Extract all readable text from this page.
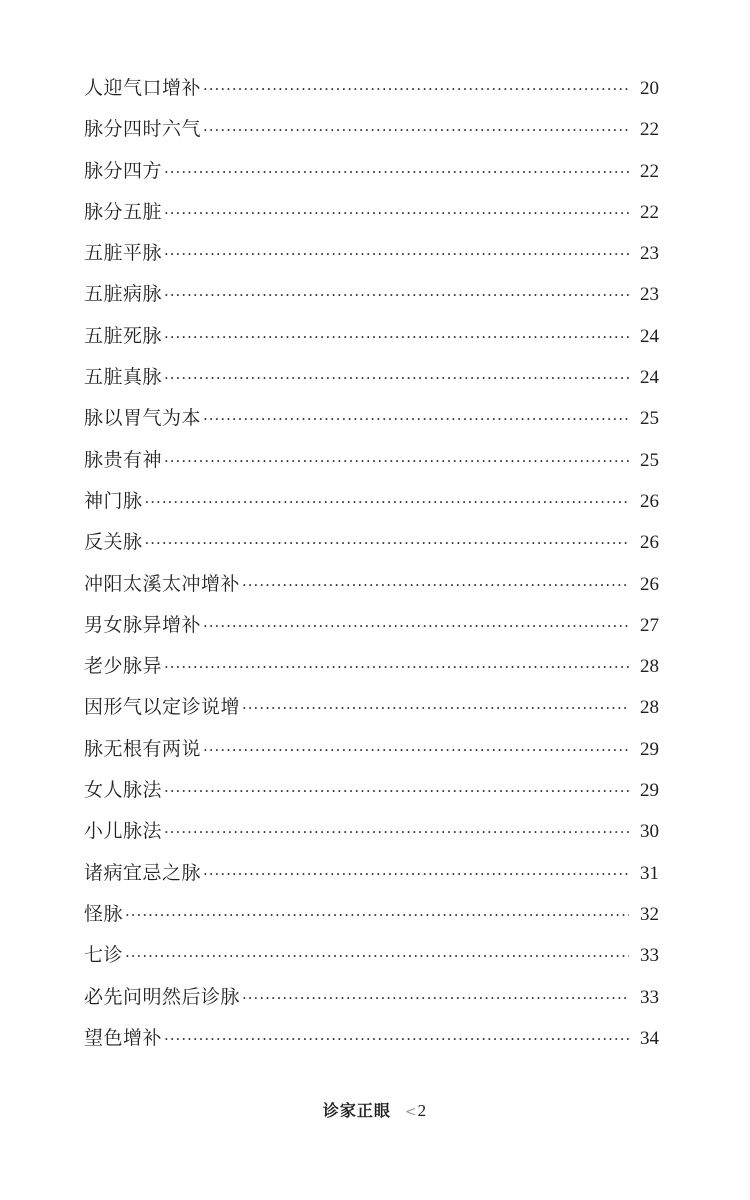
人迎气口增补 ·····	20
脉分四时六气 ·····	22
脉分四方 ·····	22
脉分五脏 ·····	22
五脏平脉 ·····	23
五脏病脉 ·····	23
五脏死脉 ·····	24
五脏真脉 ·····	24
脉以胃气为本 ·····	25
脉贵有神 ·····	25
神门脉 ·····	26
反关脉 ·····	26
冲阳太溪太冲增补 ·····	26
男女脉异增补 ·····	27
老少脉异 ·····	28
因形气以定诊说增 ·····	28
脉无根有两说 ·····	29
女人脉法 ·····	29
小儿脉法 ·····	30
诸病宜忌之脉 ·····	31
怪脉 ·····	32
七诊 ·····	33
必先问明然后诊脉 ·····	33
望色增补 ·····	34
诊家正眼 <2
